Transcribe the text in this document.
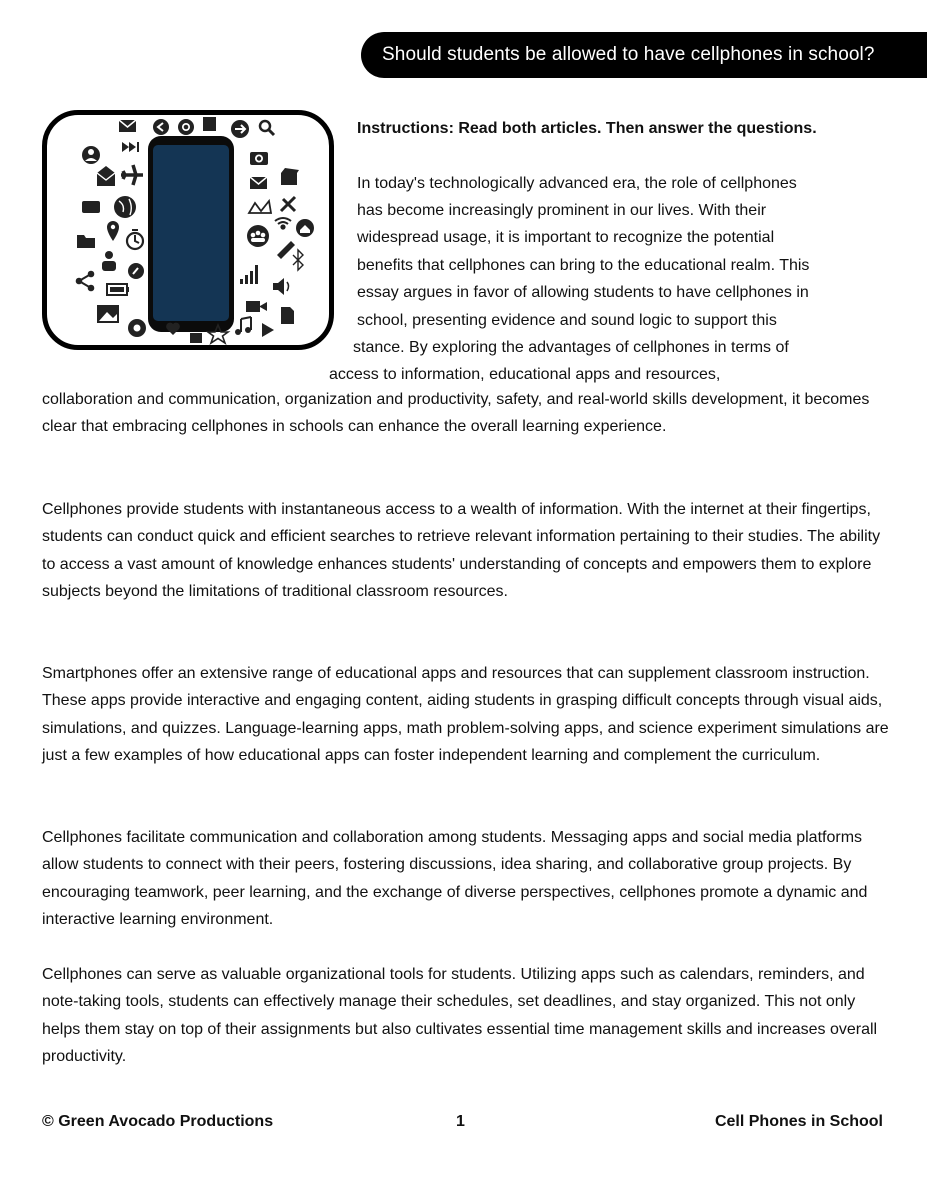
Should students be allowed to have cellphones in school?
Instructions: Read both articles. Then answer the questions.
In today's technologically advanced era, the role of cellphones
has become increasingly prominent in our lives. With their
widespread usage, it is important to recognize the potential
benefits that cellphones can bring to the educational realm. This
essay argues in favor of allowing students to have cellphones in
school, presenting evidence and sound logic to support this
stance. By exploring the advantages of cellphones in terms of
access to information, educational apps and resources,

collaboration and communication, organization and productivity, safety, and real-world skills development, it becomes clear that embracing cellphones in schools can enhance the overall learning experience.

Cellphones provide students with instantaneous access to a wealth of information. With the internet at their fingertips, students can conduct quick and efficient searches to retrieve relevant information pertaining to their studies. The ability to access a vast amount of knowledge enhances students' understanding of concepts and empowers them to explore subjects beyond the limitations of traditional classroom resources.

Smartphones offer an extensive range of educational apps and resources that can supplement classroom instruction. These apps provide interactive and engaging content, aiding students in grasping difficult concepts through visual aids, simulations, and quizzes. Language-learning apps, math problem-solving apps, and science experiment simulations are just a few examples of how educational apps can foster independent learning and complement the curriculum.

Cellphones facilitate communication and collaboration among students. Messaging apps and social media platforms allow students to connect with their peers, fostering discussions, idea sharing, and collaborative group projects. By encouraging teamwork, peer learning, and the exchange of diverse perspectives, cellphones promote a dynamic and interactive learning environment.

Cellphones can serve as valuable organizational tools for students. Utilizing apps such as calendars, reminders, and note-taking tools, students can effectively manage their schedules, set deadlines, and stay organized. This not only helps them stay on top of their assignments but also cultivates essential time management skills and increases overall productivity.

© Green Avocado Productions	1	Cell Phones in School
